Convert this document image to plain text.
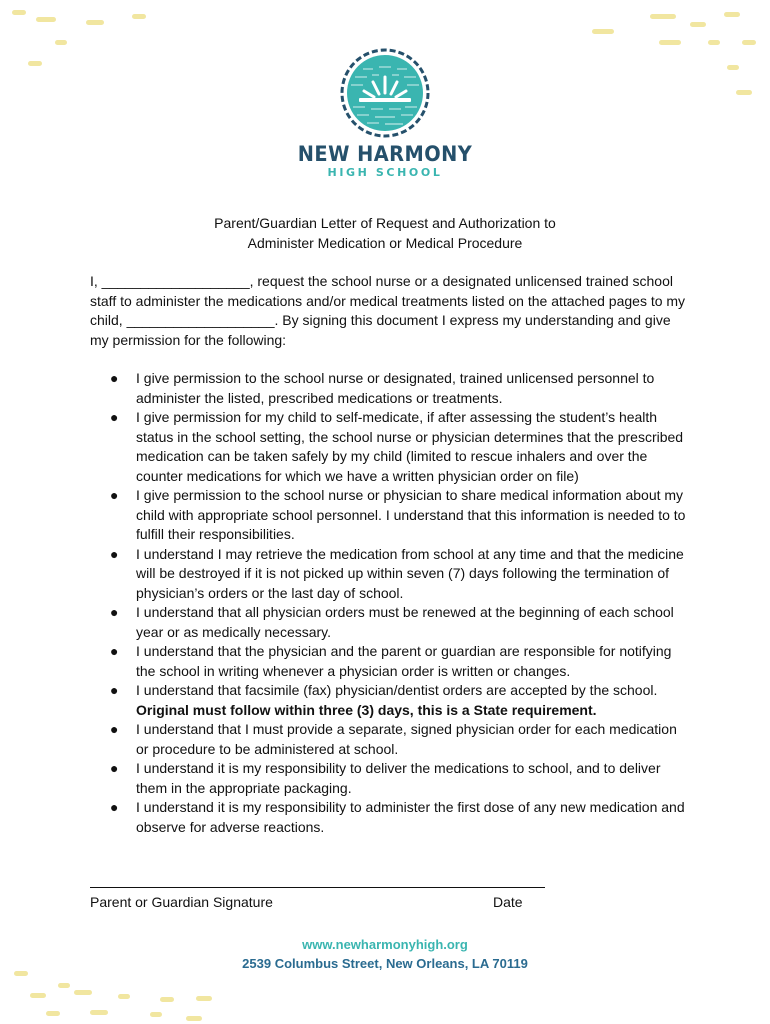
NEW HARMONY
HIGH SCHOOL
Parent/Guardian Letter of Request and Authorization to
Administer Medication or Medical Procedure

I, ___________________, request the school nurse or a designated unlicensed trained school staff to administer the medications and/or medical treatments listed on the attached pages to my child, ___________________. By signing this document I express my understanding and give my permission for the following:

● I give permission to the school nurse or designated, trained unlicensed personnel to administer the listed, prescribed medications or treatments.
● I give permission for my child to self-medicate, if after assessing the student’s health status in the school setting, the school nurse or physician determines that the prescribed medication can be taken safely by my child (limited to rescue inhalers and over the counter medications for which we have a written physician order on file)
● I give permission to the school nurse or physician to share medical information about my child with appropriate school personnel. I understand that this information is needed to to fulfill their responsibilities.
● I understand I may retrieve the medication from school at any time and that the medicine will be destroyed if it is not picked up within seven (7) days following the termination of physician’s orders or the last day of school.
● I understand that all physician orders must be renewed at the beginning of each school year or as medically necessary.
● I understand that the physician and the parent or guardian are responsible for notifying the school in writing whenever a physician order is written or changes.
● I understand that facsimile (fax) physician/dentist orders are accepted by the school.
Original must follow within three (3) days, this is a State requirement.
● I understand that I must provide a separate, signed physician order for each medication or procedure to be administered at school.
● I understand it is my responsibility to deliver the medications to school, and to deliver them in the appropriate packaging.
● I understand it is my responsibility to administer the first dose of any new medication and observe for adverse reactions.
Parent or Guardian Signature	Date
www.newharmonyhigh.org
2539 Columbus Street, New Orleans, LA 70119
